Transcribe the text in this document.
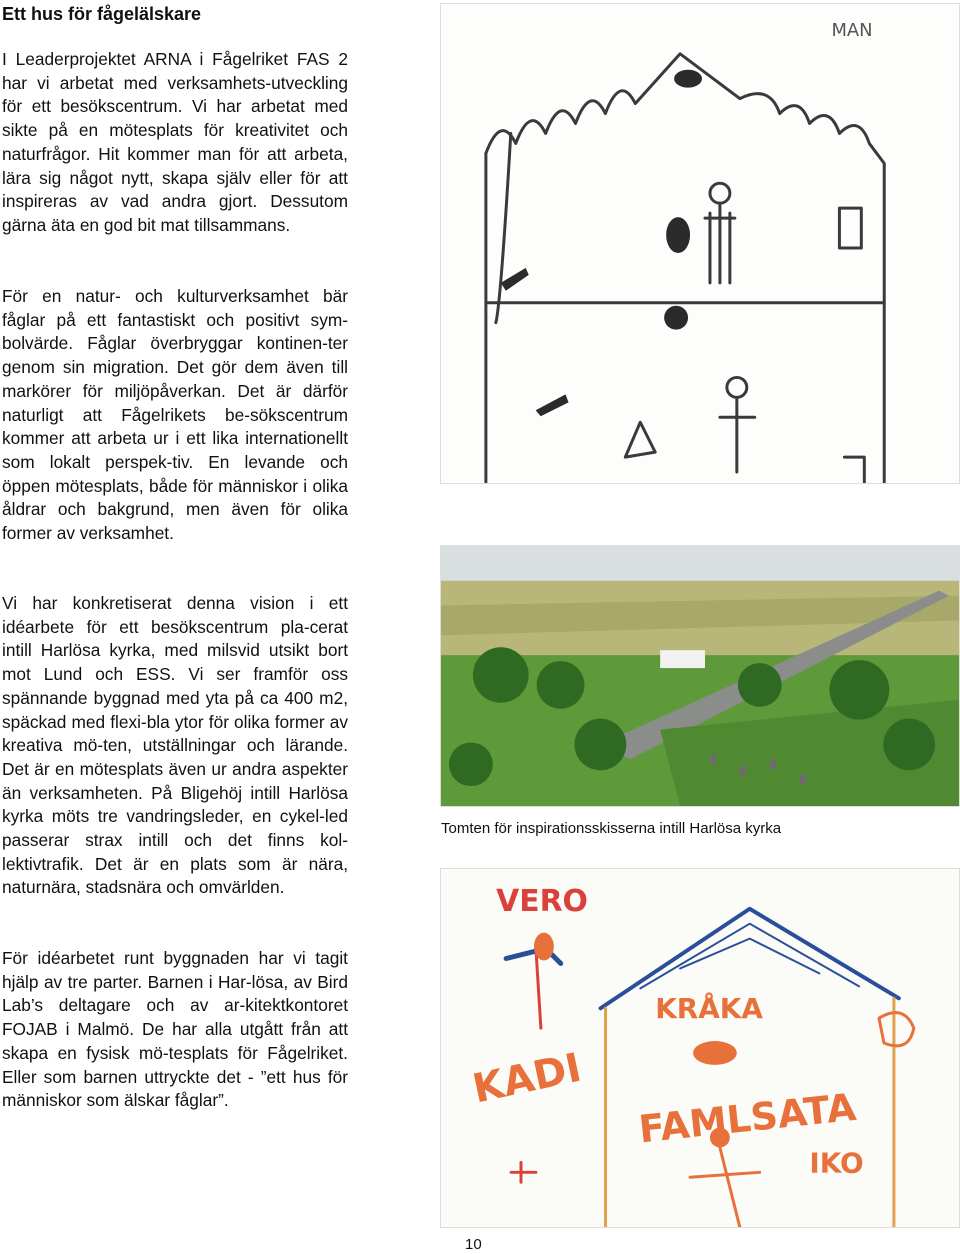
Ett hus för fågelälskare

I Leaderprojektet ARNA i Fågelriket FAS 2 har vi arbetat med verksamhets-utveckling för ett besökscentrum. Vi har arbetat med sikte på en mötesplats för kreativitet och naturfrågor. Hit kommer man för att arbeta, lära sig något nytt, skapa själv eller för att inspireras av vad andra gjort. Dessutom gärna äta en god bit mat tillsammans.

För en natur- och kulturverksamhet bär fåglar på ett fantastiskt och positivt sym-bolvärde. Fåglar överbryggar kontinen-ter genom sin migration. Det gör dem även till markörer för miljöpåverkan. Det är därför naturligt att Fågelrikets be-sökscentrum kommer att arbeta ur i ett lika internationellt som lokalt perspek-tiv. En levande och öppen mötesplats, både för människor i olika åldrar och bakgrund, men även för olika former av verksamhet.

Vi har konkretiserat denna vision i ett idéarbete för ett besökscentrum pla-cerat intill Harlösa kyrka, med milsvid utsikt bort mot Lund och ESS. Vi ser framför oss spännande byggnad med yta på ca 400 m2, späckad med flexi-bla ytor för olika former av kreativa mö-ten, utställningar och lärande. Det är en mötesplats även ur andra aspekter än verksamheten. På Bligehöj intill Harlösa kyrka möts tre vandringsleder, en cykel-led passerar strax intill och det finns kol-lektivtrafik. Det är en plats som är nära, naturnära, stadsnära och omvärlden.

För idéarbetet runt byggnaden har vi tagit hjälp av tre parter. Barnen i Har-lösa, av Bird Lab’s deltagare och av ar-kitektkontoret FOJAB i Malmö. De har alla utgått från att skapa en fysisk mö-tesplats för Fågelriket. Eller som barnen uttryckte det - ”ett hus för människor som älskar fåglar”.

MAN
Tomten för inspirationsskisserna intill Harlösa kyrka
VERO
KRÅKA
KADI
FAMLSATA
IKO
10
